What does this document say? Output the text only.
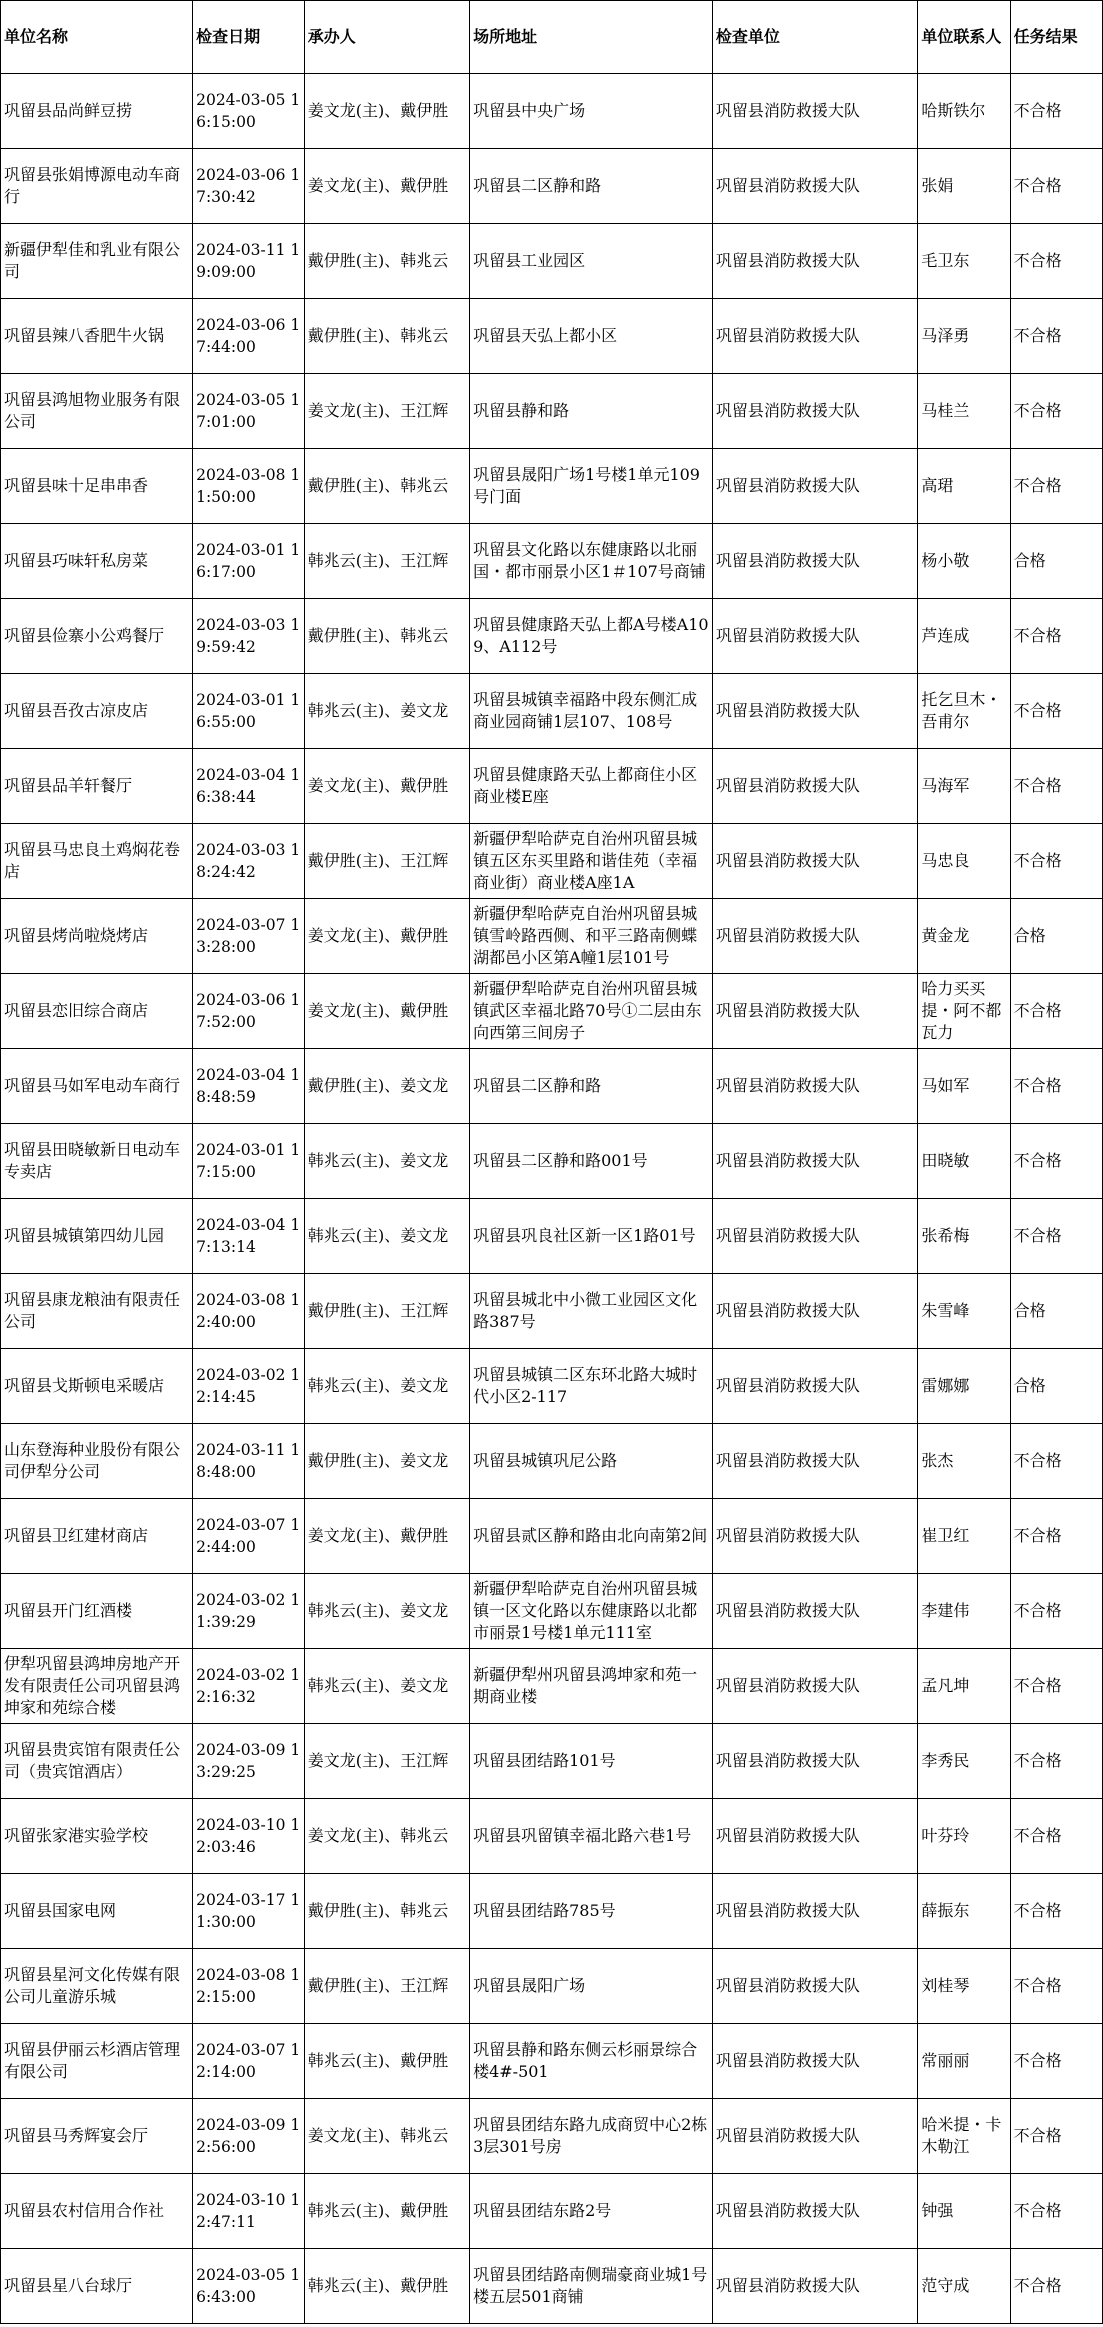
单位名称	检查日期	承办人	场所地址	检查单位	单位联系人	任务结果
巩留县品尚鲜豆捞	2024-03-05 16:15:00	姜文龙(主)、戴伊胜	巩留县中央广场	巩留县消防救援大队	哈斯铁尔	不合格
巩留县张娟博源电动车商行	2024-03-06 17:30:42	姜文龙(主)、戴伊胜	巩留县二区静和路	巩留县消防救援大队	张娟	不合格
新疆伊犁佳和乳业有限公司	2024-03-11 19:09:00	戴伊胜(主)、韩兆云	巩留县工业园区	巩留县消防救援大队	毛卫东	不合格
巩留县辣八香肥牛火锅	2024-03-06 17:44:00	戴伊胜(主)、韩兆云	巩留县天弘上都小区	巩留县消防救援大队	马泽勇	不合格
巩留县鸿旭物业服务有限公司	2024-03-05 17:01:00	姜文龙(主)、王江辉	巩留县静和路	巩留县消防救援大队	马桂兰	不合格
巩留县味十足串串香	2024-03-08 11:50:00	戴伊胜(主)、韩兆云	巩留县晟阳广场1号楼1单元109号门面	巩留县消防救援大队	高珺	不合格
巩留县巧味轩私房菜	2024-03-01 16:17:00	韩兆云(主)、王江辉	巩留县文化路以东健康路以北丽国・都市丽景小区1＃107号商铺	巩留县消防救援大队	杨小敬	合格
巩留县俭寨小公鸡餐厅	2024-03-03 19:59:42	戴伊胜(主)、韩兆云	巩留县健康路天弘上都A号楼A109、A112号	巩留县消防救援大队	芦连成	不合格
巩留县吾孜古凉皮店	2024-03-01 16:55:00	韩兆云(主)、姜文龙	巩留县城镇幸福路中段东侧汇成商业园商铺1层107、108号	巩留县消防救援大队	托乞旦木・吾甫尔	不合格
巩留县品羊轩餐厅	2024-03-04 16:38:44	姜文龙(主)、戴伊胜	巩留县健康路天弘上都商住小区商业楼E座	巩留县消防救援大队	马海军	不合格
巩留县马忠良土鸡焖花卷店	2024-03-03 18:24:42	戴伊胜(主)、王江辉	新疆伊犁哈萨克自治州巩留县城镇五区东买里路和谐佳苑（幸福商业街）商业楼A座1A	巩留县消防救援大队	马忠良	不合格
巩留县烤尚啦烧烤店	2024-03-07 13:28:00	姜文龙(主)、戴伊胜	新疆伊犁哈萨克自治州巩留县城镇雪岭路西侧、和平三路南侧蝶湖都邑小区第A幢1层101号	巩留县消防救援大队	黄金龙	合格
巩留县恋旧综合商店	2024-03-06 17:52:00	姜文龙(主)、戴伊胜	新疆伊犁哈萨克自治州巩留县城镇武区幸福北路70号①二层由东向西第三间房子	巩留县消防救援大队	哈力买买提・阿不都瓦力	不合格
巩留县马如军电动车商行	2024-03-04 18:48:59	戴伊胜(主)、姜文龙	巩留县二区静和路	巩留县消防救援大队	马如军	不合格
巩留县田晓敏新日电动车专卖店	2024-03-01 17:15:00	韩兆云(主)、姜文龙	巩留县二区静和路001号	巩留县消防救援大队	田晓敏	不合格
巩留县城镇第四幼儿园	2024-03-04 17:13:14	韩兆云(主)、姜文龙	巩留县巩良社区新一区1路01号	巩留县消防救援大队	张希梅	不合格
巩留县康龙粮油有限责任公司	2024-03-08 12:40:00	戴伊胜(主)、王江辉	巩留县城北中小微工业园区文化路387号	巩留县消防救援大队	朱雪峰	合格
巩留县戈斯顿电采暖店	2024-03-02 12:14:45	韩兆云(主)、姜文龙	巩留县城镇二区东环北路大城时代小区2-117	巩留县消防救援大队	雷娜娜	合格
山东登海种业股份有限公司伊犁分公司	2024-03-11 18:48:00	戴伊胜(主)、姜文龙	巩留县城镇巩尼公路	巩留县消防救援大队	张杰	不合格
巩留县卫红建材商店	2024-03-07 12:44:00	姜文龙(主)、戴伊胜	巩留县贰区静和路由北向南第2间	巩留县消防救援大队	崔卫红	不合格
巩留县开门红酒楼	2024-03-02 11:39:29	韩兆云(主)、姜文龙	新疆伊犁哈萨克自治州巩留县城镇一区文化路以东健康路以北都市丽景1号楼1单元111室	巩留县消防救援大队	李建伟	不合格
伊犁巩留县鸿坤房地产开发有限责任公司巩留县鸿坤家和苑综合楼	2024-03-02 12:16:32	韩兆云(主)、姜文龙	新疆伊犁州巩留县鸿坤家和苑一期商业楼	巩留县消防救援大队	孟凡坤	不合格
巩留县贵宾馆有限责任公司（贵宾馆酒店）	2024-03-09 13:29:25	姜文龙(主)、王江辉	巩留县团结路101号	巩留县消防救援大队	李秀民	不合格
巩留张家港实验学校	2024-03-10 12:03:46	姜文龙(主)、韩兆云	巩留县巩留镇幸福北路六巷1号	巩留县消防救援大队	叶芬玲	不合格
巩留县国家电网	2024-03-17 11:30:00	戴伊胜(主)、韩兆云	巩留县团结路785号	巩留县消防救援大队	薛振东	不合格
巩留县星河文化传媒有限公司儿童游乐城	2024-03-08 12:15:00	戴伊胜(主)、王江辉	巩留县晟阳广场	巩留县消防救援大队	刘桂琴	不合格
巩留县伊丽云杉酒店管理有限公司	2024-03-07 12:14:00	韩兆云(主)、戴伊胜	巩留县静和路东侧云杉丽景综合楼4#-501	巩留县消防救援大队	常丽丽	不合格
巩留县马秀辉宴会厅	2024-03-09 12:56:00	姜文龙(主)、韩兆云	巩留县团结东路九成商贸中心2栋3层301号房	巩留县消防救援大队	哈米提・卡木勒江	不合格
巩留县农村信用合作社	2024-03-10 12:47:11	韩兆云(主)、戴伊胜	巩留县团结东路2号	巩留县消防救援大队	钟强	不合格
巩留县星八台球厅	2024-03-05 16:43:00	韩兆云(主)、戴伊胜	巩留县团结路南侧瑞豪商业城1号楼五层501商铺	巩留县消防救援大队	范守成	不合格
